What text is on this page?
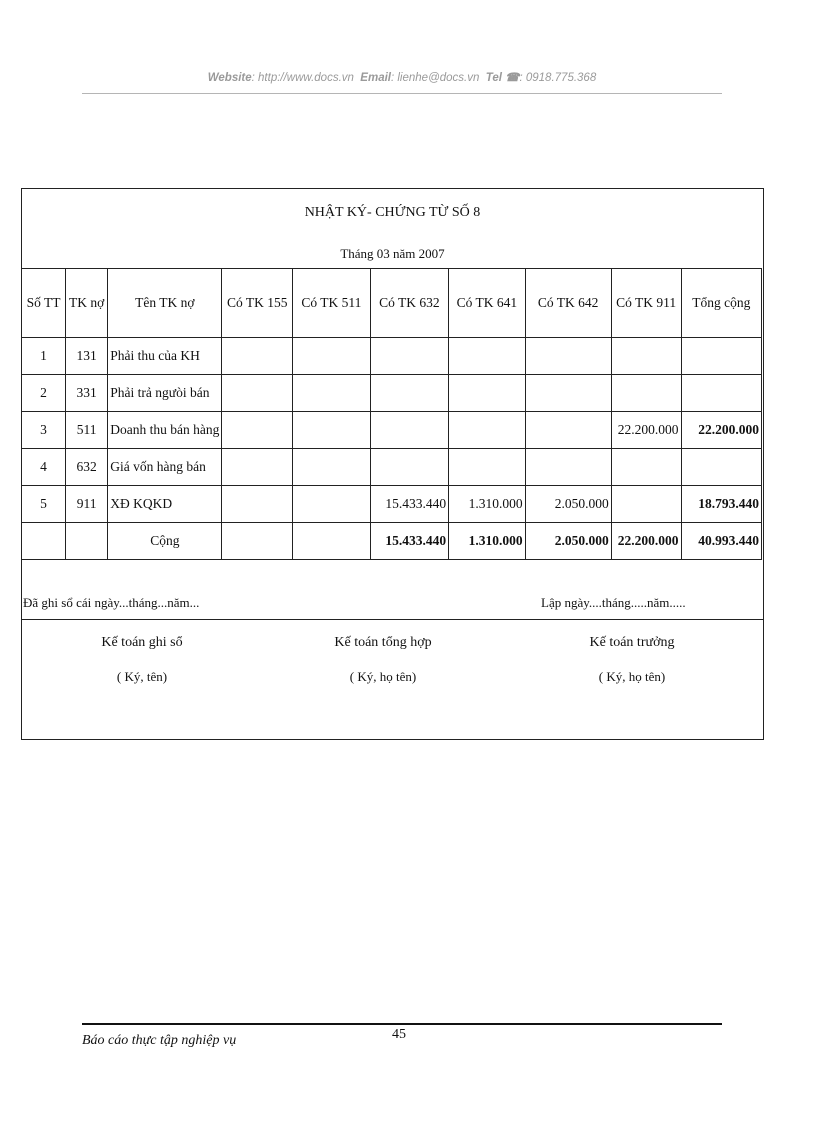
Website: http://www.docs.vn Email: lienhe@docs.vn Tel ☎: 0918.775.368
NHẬT KÝ- CHỨNG TỪ SỐ 8
Tháng 03 năm 2007
Số TT	TK nợ	Tên TK nợ	Có TK 155	Có TK 511	Có TK 632	Có TK 641	Có TK 642	Có TK 911	Tổng cộng
1	131	Phải thu của KH							
2	331	Phải trả ngưòi bán							
3	511	Doanh thu bán hàng						22.200.000	22.200.000
4	632	Giá vốn hàng bán							
5	911	XĐ KQKD			15.433.440	1.310.000	2.050.000		18.793.440
		Cộng			15.433.440	1.310.000	2.050.000	22.200.000	40.993.440
Đã ghi sổ cái ngày...tháng...năm...	Lập ngày....tháng.....năm.....
Kế toán ghi sổ
( Ký, tên)
Kế toán tổng hợp
( Ký, họ tên)
Kế toán trưởng
( Ký, họ tên)
Báo cáo thực tập nghiệp vụ	45
